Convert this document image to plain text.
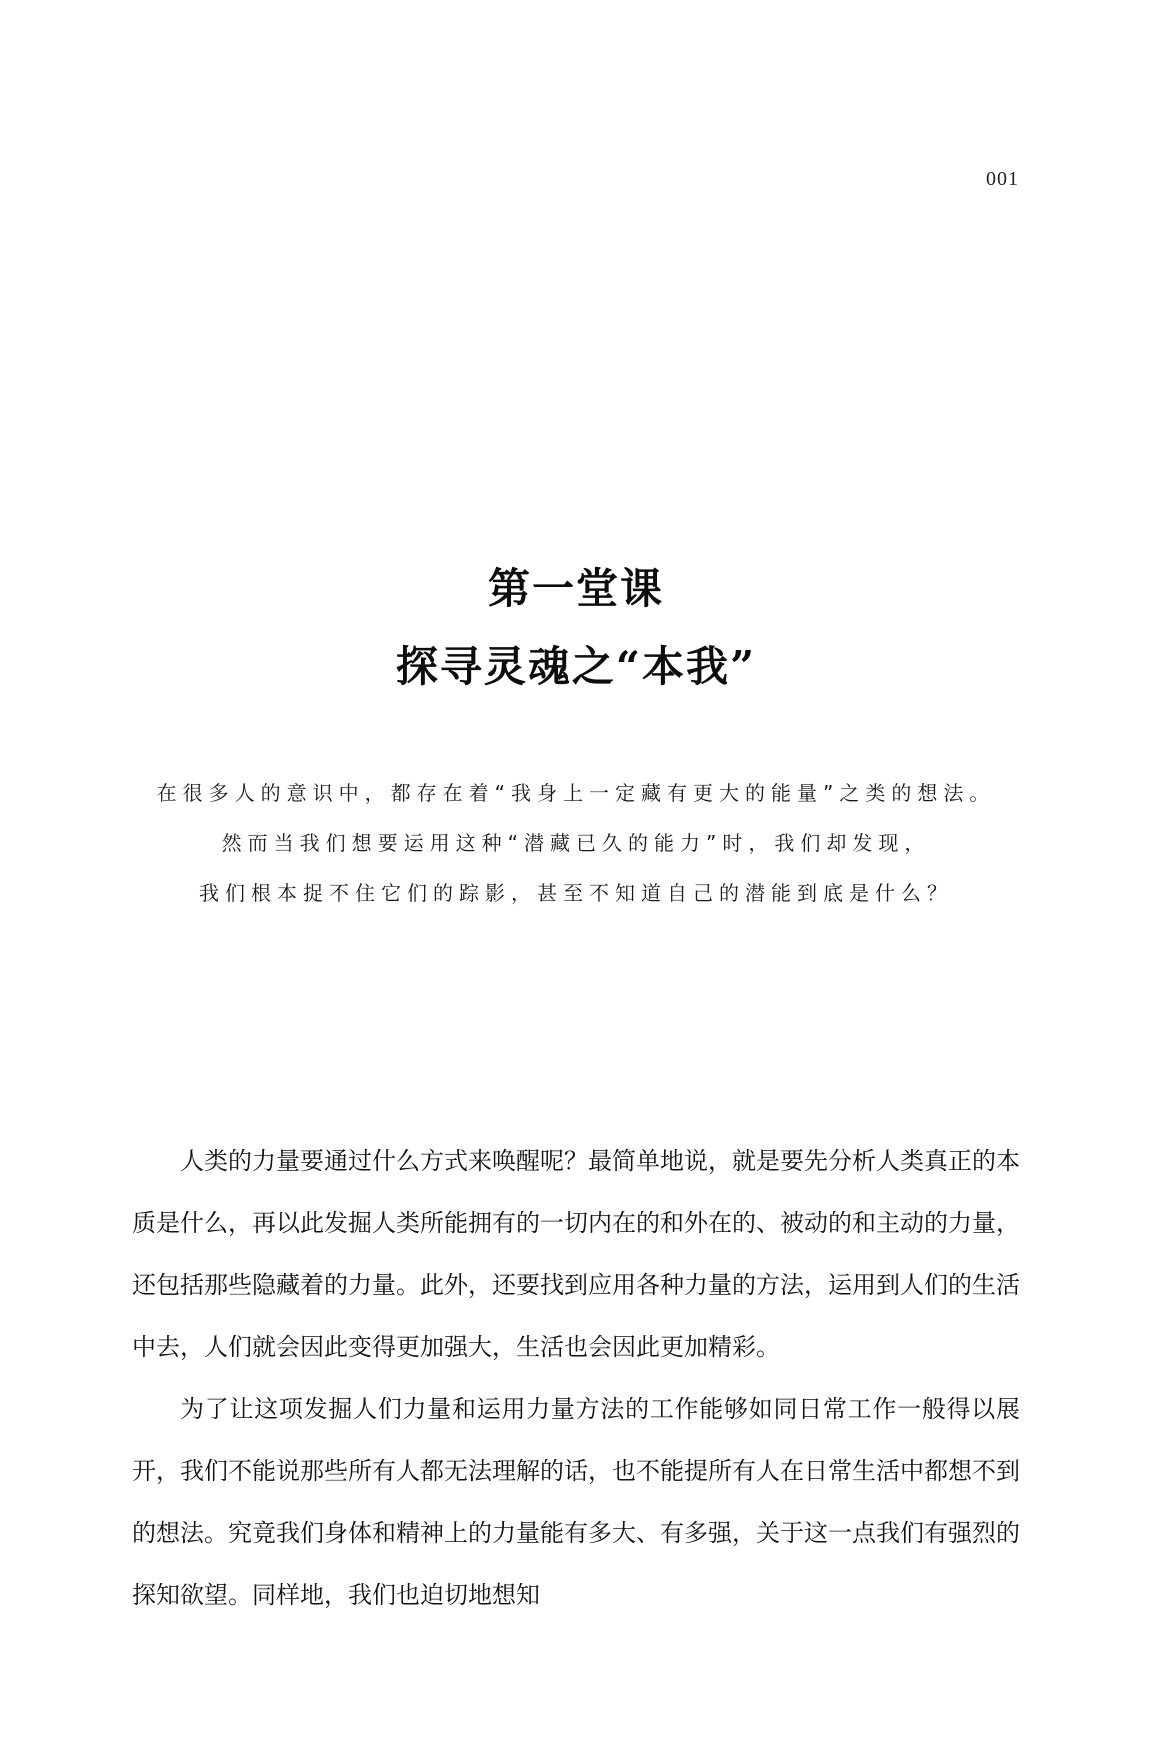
001
第一堂课
探寻灵魂之“本我”
在很多人的意识中，都存在着“我身上一定藏有更大的能量”之类的想法。
然而当我们想要运用这种“潜藏已久的能力”时，我们却发现，
我们根本捉不住它们的踪影，甚至不知道自己的潜能到底是什么？

人类的力量要通过什么方式来唤醒呢？最简单地说，就是要先分析人类真正的本质是什么，再以此发掘人类所能拥有的一切内在的和外在的、被动的和主动的力量，还包括那些隐藏着的力量。此外，还要找到应用各种力量的方法，运用到人们的生活中去，人们就会因此变得更加强大，生活也会因此更加精彩。

为了让这项发掘人们力量和运用力量方法的工作能够如同日常工作一般得以展开，我们不能说那些所有人都无法理解的话，也不能提所有人在日常生活中都想不到的想法。究竟我们身体和精神上的力量能有多大、有多强，关于这一点我们有强烈的探知欲望。同样地，我们也迫切地想知
